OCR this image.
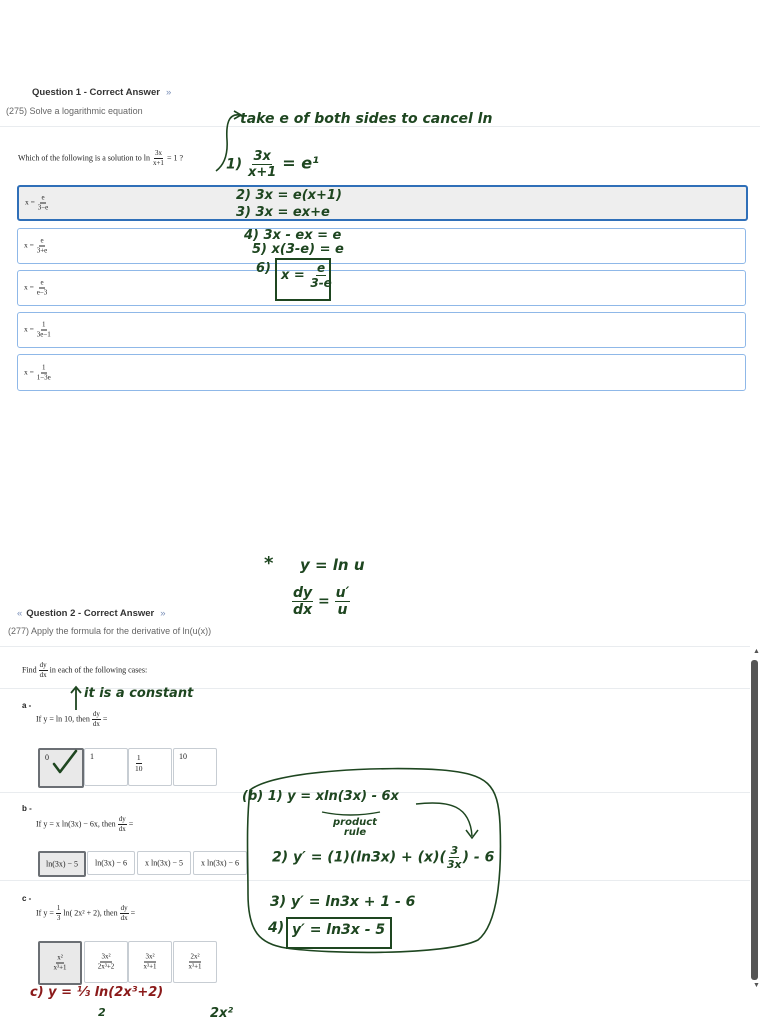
Question 1 - Correct Answer »
(275) Solve a logarithmic equation
Which of the following is a solution to $\ln \frac{3x}{x+1} = 1$ ?
$x = \frac{e}{3-e}$
$x = \frac{e}{3+e}$
$x = \frac{e}{e-3}$
$x = \frac{1}{3e-1}$
$x = \frac{1}{1-3e}$
take e of both sides to cancel ln
$1) \frac{3x}{x+1} = e^1$
2) 3x = e(x+1)
3) 3x = ex+e
4) 3x - ex = e
5) x(3-e) = e
6) $x = \frac{e}{3-e}$
* y = ln u
$\frac{dy}{dx} = \frac{u'}{u}$
« Question 2 - Correct Answer »
(277) Apply the formula for the derivative of ln(u(x))
Find $\frac{dy}{dx}$ in each of the following cases:
a -
If y = ln 10, then $\frac{dy}{dx}$ =
0	1	$\frac{1}{10}$	10
it is a constant
b -
If y = x ln(3x) − 6x, then $\frac{dy}{dx}$ =
ln(3x) − 5	ln(3x) − 6	x ln(3x) − 5	x ln(3x) − 6
c -
If $y = \frac{1}{3} \ln$( 2x² + 2), then $\frac{dy}{dx}$ =
$\frac{\text{x²}}{\text{x³+1}}$	$\frac{\text{3x²}}{\text{2x³+2}}$	$\frac{\text{3x²}}{\text{x³+1}}$	$\frac{\text{2x²}}{\text{x³+1}}$
(b) 1) y = xln(3x) - 6x
product rule
2) $y' = (1)(\ln 3x) + (x)( \frac{3}{3x}$ ) - 6
3) y′ = ln3x + 1 - 6
4) y′ = ln3x - 5
c) y = ⅓ ln(2x³+2)
2	2x²
▲
▼
